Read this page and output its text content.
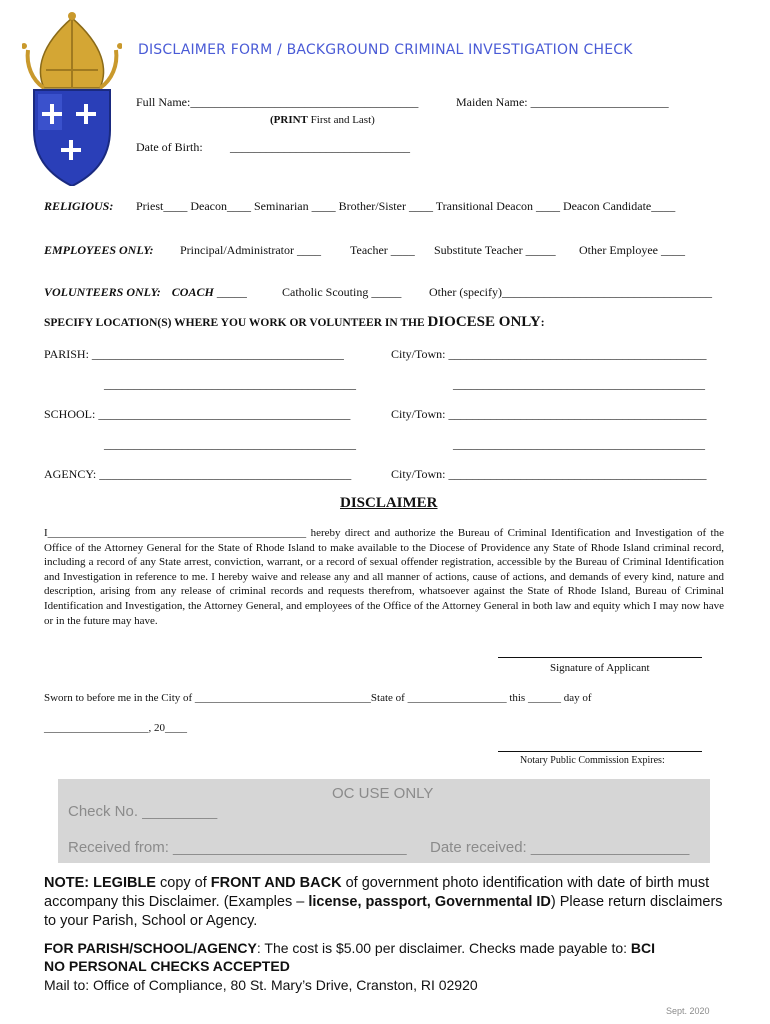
DISCLAIMER FORM / BACKGROUND CRIMINAL INVESTIGATION CHECK
Full Name:______________________________________	Maiden Name: _______________________
(PRINT First and Last)
Date of Birth: ______________________________
RELIGIOUS: Priest____ Deacon____ Seminarian ____ Brother/Sister ____ Transitional Deacon ____ Deacon Candidate____
EMPLOYEES ONLY: Principal/Administrator ____ Teacher ____ Substitute Teacher _____ Other Employee ____
VOLUNTEERS ONLY: COACH _____	Catholic Scouting _____ Other (specify)___________________________________
SPECIFY LOCATION(S) WHERE YOU WORK OR VOLUNTEER IN THE DIOCESE ONLY:
PARISH: __________________________________________	City/Town: ___________________________________________
__________________________________________	__________________________________________
SCHOOL: __________________________________________	City/Town: ___________________________________________
__________________________________________	__________________________________________
AGENCY: __________________________________________	City/Town: ___________________________________________
DISCLAIMER
I_______________________________________________ hereby direct and authorize the Bureau of Criminal Identification and Investigation of the Office of the Attorney General for the State of Rhode Island to make available to the Diocese of Providence any State of Rhode Island criminal record, including a record of any State arrest, conviction, warrant, or a record of sexual offender registration, accessible by the Bureau of Criminal Identification and Investigation in reference to me. I hereby waive and release any and all manner of actions, cause of actions, and demands of every kind, nature and description, arising from any release of criminal records and requests therefrom, whatsoever against the State of Rhode Island, Bureau of Criminal Identification and Investigation, the Attorney General, and employees of the Office of the Attorney General in both law and equity which I may now have or in the future may have.
Signature of Applicant
Sworn to before me in the City of ________________________________State of __________________ this ______ day of
___________________, 20____
Notary Public Commission Expires:
OC USE ONLY
Check No. _________
Received from: ____________________________ Date received: ___________________
NOTE: LEGIBLE copy of FRONT AND BACK of government photo identification with date of birth must accompany this Disclaimer. (Examples – license, passport, Governmental ID) Please return disclaimers to your Parish, School or Agency.
FOR PARISH/SCHOOL/AGENCY: The cost is $5.00 per disclaimer. Checks made payable to: BCI
NO PERSONAL CHECKS ACCEPTED
Mail to: Office of Compliance, 80 St. Mary’s Drive, Cranston, RI 02920
Sept. 2020
